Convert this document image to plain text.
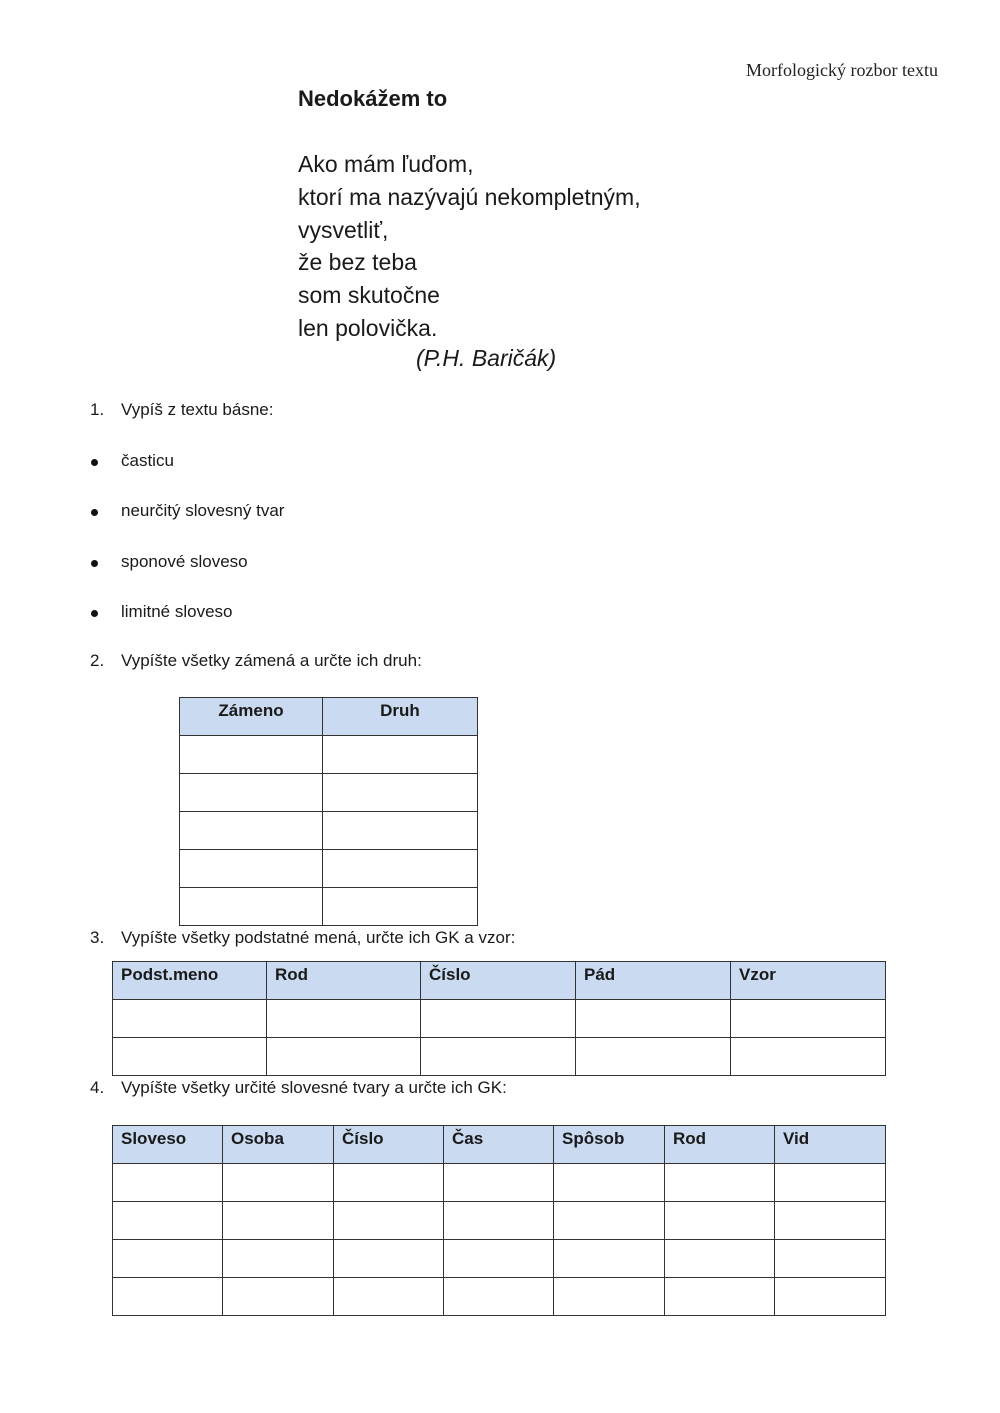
Morfologický rozbor textu
Nedokážem to
Ako mám ľuďom,
ktorí ma nazývajú nekompletným,
vysvetliť,
že bez teba
som skutočne
len polovička.
(P.H. Baričák)
1. Vypíš z textu básne:
časticu
neurčitý slovesný tvar
sponové sloveso
limitné sloveso
2. Vypíšte všetky zámená a určte ich druh:
Zámeno	Druh

3. Vypíšte všetky podstatné mená, určte ich GK a vzor:
Podst.meno	Rod	Číslo	Pád	Vzor

4. Vypíšte všetky určité slovesné tvary a určte ich GK:
Sloveso	Osoba	Číslo	Čas	Spôsob	Rod	Vid
